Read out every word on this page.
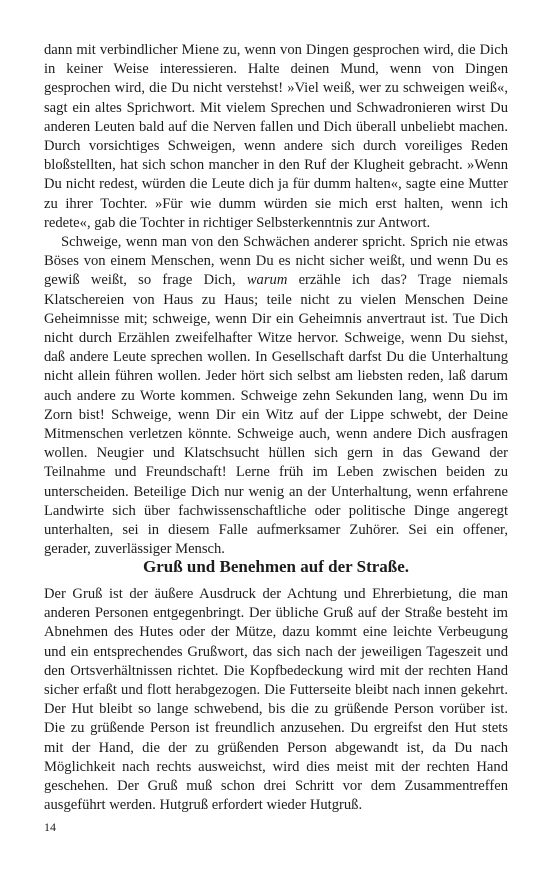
dann mit verbindlicher Miene zu, wenn von Dingen gesprochen wird, die Dich in keiner Weise interessieren. Halte deinen Mund, wenn von Dingen gesprochen wird, die Du nicht verstehst! »Viel weiß, wer zu schweigen weiß«, sagt ein altes Sprichwort. Mit vielem Sprechen und Schwadronieren wirst Du anderen Leuten bald auf die Nerven fallen und Dich überall unbeliebt machen. Durch vorsichtiges Schweigen, wenn andere sich durch voreiliges Reden bloßstellten, hat sich schon mancher in den Ruf der Klugheit gebracht. »Wenn Du nicht redest, würden die Leute dich ja für dumm halten«, sagte eine Mutter zu ihrer Tochter. »Für wie dumm würden sie mich erst halten, wenn ich redete«, gab die Tochter in richtiger Selbsterkenntnis zur Antwort.

Schweige, wenn man von den Schwächen anderer spricht. Sprich nie etwas Böses von einem Menschen, wenn Du es nicht sicher weißt, und wenn Du es gewiß weißt, so frage Dich, warum erzähle ich das? Trage niemals Klatschereien von Haus zu Haus; teile nicht zu vielen Menschen Deine Geheimnisse mit; schweige, wenn Dir ein Geheimnis anvertraut ist. Tue Dich nicht durch Erzählen zweifelhafter Witze hervor. Schweige, wenn Du siehst, daß andere Leute sprechen wollen. In Gesellschaft darfst Du die Unterhaltung nicht allein führen wollen. Jeder hört sich selbst am liebsten reden, laß darum auch andere zu Worte kommen. Schweige zehn Sekunden lang, wenn Du im Zorn bist! Schweige, wenn Dir ein Witz auf der Lippe schwebt, der Deine Mitmenschen verletzen könnte. Schweige auch, wenn andere Dich ausfragen wollen. Neugier und Klatschsucht hüllen sich gern in das Gewand der Teilnahme und Freundschaft! Lerne früh im Leben zwischen beiden zu unterscheiden. Beteilige Dich nur wenig an der Unterhaltung, wenn erfahrene Landwirte sich über fachwissenschaftliche oder politische Dinge angeregt unterhalten, sei in diesem Falle aufmerksamer Zuhörer. Sei ein offener, gerader, zuverlässiger Mensch.

Gruß und Benehmen auf der Straße.

Der Gruß ist der äußere Ausdruck der Achtung und Ehrerbietung, die man anderen Personen entgegenbringt. Der übliche Gruß auf der Straße besteht im Abnehmen des Hutes oder der Mütze, dazu kommt eine leichte Verbeugung und ein entsprechendes Grußwort, das sich nach der jeweiligen Tageszeit und den Ortsverhältnissen richtet. Die Kopfbedeckung wird mit der rechten Hand sicher erfaßt und flott herabgezogen. Die Futterseite bleibt nach innen gekehrt. Der Hut bleibt so lange schwebend, bis die zu grüßende Person vorüber ist. Die zu grüßende Person ist freundlich anzusehen. Du ergreifst den Hut stets mit der Hand, die der zu grüßenden Person abgewandt ist, da Du nach Möglichkeit nach rechts ausweichst, wird dies meist mit der rechten Hand geschehen. Der Gruß muß schon drei Schritt vor dem Zusammentreffen ausgeführt werden. Hutgruß erfordert wieder Hutgruß.

14
